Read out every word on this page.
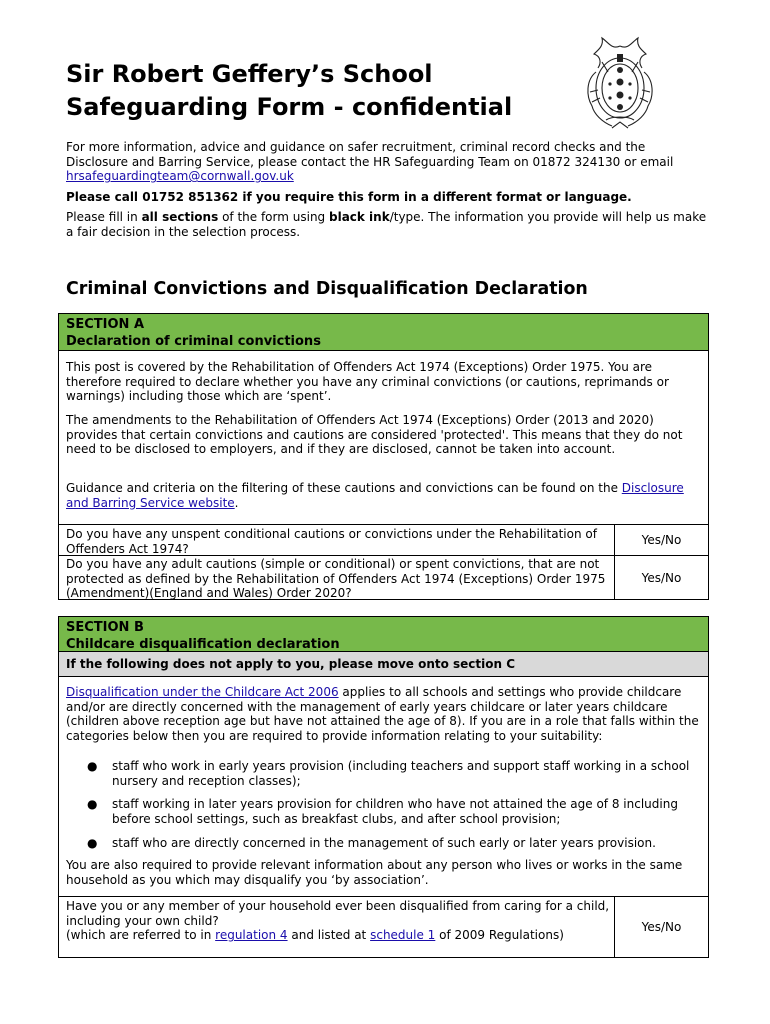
Sir Robert Geffery’s School
Safeguarding Form - confidential

For more information, advice and guidance on safer recruitment, criminal record checks and the Disclosure and Barring Service, please contact the HR Safeguarding Team on 01872 324130 or email hrsafeguardingteam@cornwall.gov.uk

Please call 01752 851362 if you require this form in a different format or language.

Please fill in all sections of the form using black ink/type. The information you provide will help us make a fair decision in the selection process.

Criminal Convictions and Disqualification Declaration
SECTION A
Declaration of criminal convictions

This post is covered by the Rehabilitation of Offenders Act 1974 (Exceptions) Order 1975. You are therefore required to declare whether you have any criminal convictions (or cautions, reprimands or warnings) including those which are ‘spent’.

The amendments to the Rehabilitation of Offenders Act 1974 (Exceptions) Order (2013 and 2020) provides that certain convictions and cautions are considered 'protected'. This means that they do not need to be disclosed to employers, and if they are disclosed, cannot be taken into account.

Guidance and criteria on the filtering of these cautions and convictions can be found on the Disclosure and Barring Service website.

Do you have any unspent conditional cautions or convictions under the Rehabilitation of Offenders Act 1974?

Yes/No

Do you have any adult cautions (simple or conditional) or spent convictions, that are not protected as defined by the Rehabilitation of Offenders Act 1974 (Exceptions) Order 1975 (Amendment)(England and Wales) Order 2020?

Yes/No
SECTION B
Childcare disqualification declaration
If the following does not apply to you, please move onto section C

Disqualification under the Childcare Act 2006 applies to all schools and settings who provide childcare and/or are directly concerned with the management of early years childcare or later years childcare (children above reception age but have not attained the age of 8). If you are in a role that falls within the categories below then you are required to provide information relating to your suitability:

● staff who work in early years provision (including teachers and support staff working in a school nursery and reception classes);
● staff working in later years provision for children who have not attained the age of 8 including before school settings, such as breakfast clubs, and after school provision;
● staff who are directly concerned in the management of such early or later years provision.

You are also required to provide relevant information about any person who lives or works in the same household as you which may disqualify you ‘by association’.

Have you or any member of your household ever been disqualified from caring for a child, including your own child?
(which are referred to in regulation 4 and listed at schedule 1 of 2009 Regulations)

Yes/No
